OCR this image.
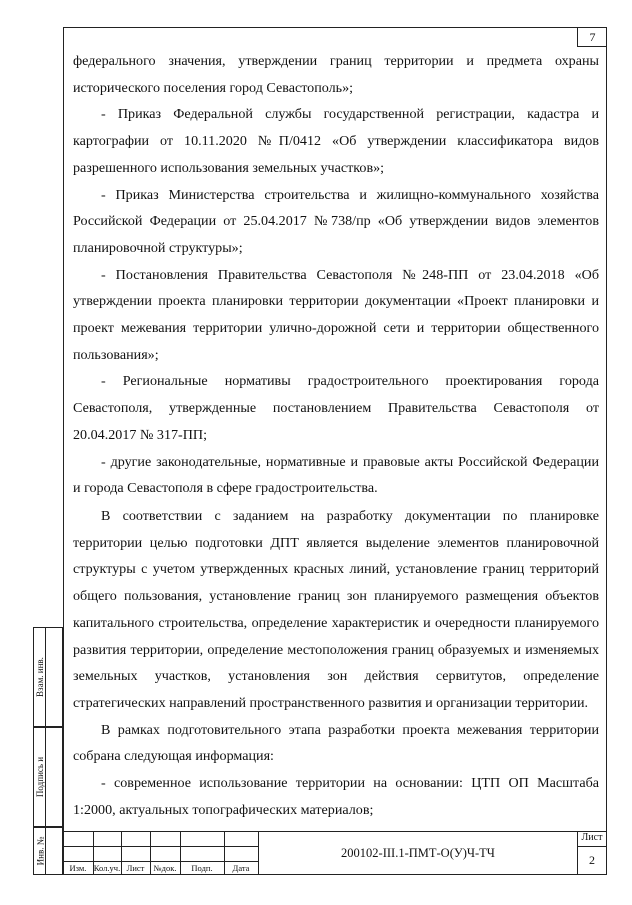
7
Взам. инв.
Подпись и
Инв. №

федерального значения, утверждении границ территории и предмета охраны исторического поселения город Севастополь»;

- Приказ Федеральной службы государственной регистрации, кадастра и картографии от 10.11.2020 №П/0412 «Об утверждении классификатора видов разрешенного использования земельных участков»;

- Приказ Министерства строительства и жилищно-коммунального хозяйства Российской Федерации от 25.04.2017 №738/пр «Об утверждении видов элементов планировочной структуры»;

- Постановления Правительства Севастополя №248-ПП от 23.04.2018 «Об утверждении проекта планировки территории документации «Проект планировки и проект межевания территории улично-дорожной сети и территории общественного пользования»;

- Региональные нормативы градостроительного проектирования города Севастополя, утвержденные постановлением Правительства Севастополя от 20.04.2017 № 317-ПП;

- другие законодательные, нормативные и правовые акты Российской Федерации и города Севастополя в сфере градостроительства.

В соответствии с заданием на разработку документации по планировке территории целью подготовки ДПТ является выделение элементов планировочной структуры с учетом утвержденных красных линий, установление границ территорий общего пользования, установление границ зон планируемого размещения объектов капитального строительства, определение характеристик и очередности планируемого развития территории, определение местоположения границ образуемых и изменяемых земельных участков, установления зон действия сервитутов, определение стратегических направлений пространственного развития и организации территории.

В рамках подготовительного этапа разработки проекта межевания территории собрана следующая информация:

- современное использование территории на основании: ЦТП ОП Масштаба 1:2000, актуальных топографических материалов;

Изм. Кол.уч. Лист	№док.	Подп.	Дата
200102-III.1-ПМТ-О(У)Ч-ТЧ
Лист
2
